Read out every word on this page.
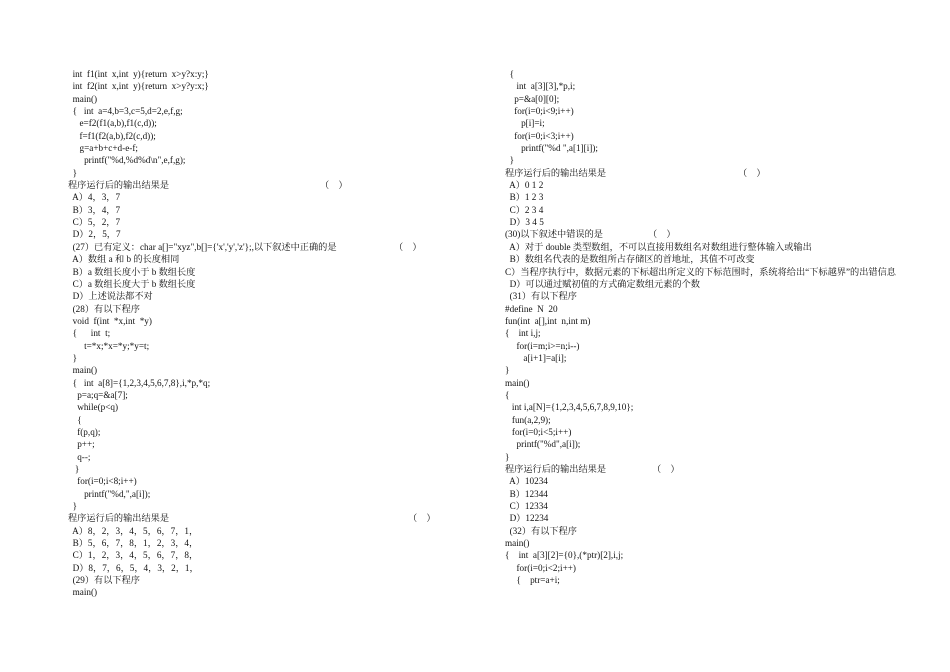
int  f1(int  x,int  y){return  x>y?x:y;}
int  f2(int  x,int  y){return  x>y?y:x;}
main()
{   int  a=4,b=3,c=5,d=2,e,f,g;
e=f2(f1(a,b),f1(c,d));
f=f1(f2(a,b),f2(c,d));
g=a+b+c+d-e-f;
printf("%d,%d%d\n",e,f,g);
}
程序运行后的输出结果是	（    ）
A）4，3，7
B）3，4，7
C）5，2，7
D）2，5，7
(27）已有定义：char a[]="xyz",b[]={'x','y','z'};,以下叙述中正确的是	（    ）
A）数组 a 和 b 的长度相同
B）a 数组长度小于 b 数组长度
C）a 数组长度大于 b 数组长度
D）上述说法都不对
(28）有以下程序
void  f(int  *x,int  *y)
{      int  t;
t=*x;*x=*y;*y=t;
}
main()
{   int  a[8]={1,2,3,4,5,6,7,8},i,*p,*q;
p=a;q=&a[7];
while(p<q)
{
f(p,q);
p++;
q--;
}
for(i=0;i<8;i++)
printf("%d,",a[i]);
}
程序运行后的输出结果是	（    ）
A）8，2，3，4，5，6，7，1，
B）5，6，7，8，1，2，3，4，
C）1，2，3，4，5，6，7，8，
D）8，7，6，5，4，3，2，1，
(29）有以下程序
main()
{
int  a[3][3],*p,i;
p=&a[0][0];
for(i=0;i<9;i++)
p[i]=i;
for(i=0;i<3;i++)
printf("%d ",a[1][i]);
}
程序运行后的输出结果是	（    ）
A）0 1 2
B）1 2 3
C）2 3 4
D）3 4 5
(30)以下叙述中错误的是	（    ）
A）对于 double 类型数组，不可以直接用数组名对数组进行整体输入或输出
B）数组名代表的是数组所占存储区的首地址，其值不可改变
C）当程序执行中，数据元素的下标超出所定义的下标范围时，系统将给出“下标越界”的出错信息
D）可以通过赋初值的方式确定数组元素的个数
(31）有以下程序
#define  N  20
fun(int  a[],int  n,int m)
{    int i,j;
for(i=m;i>=n;i--)
a[i+1]=a[i];
}
main()
{
int i,a[N]={1,2,3,4,5,6,7,8,9,10};
fun(a,2,9);
for(i=0;i<5;i++)
printf("%d",a[i]);
}
程序运行后的输出结果是	（    ）
A）10234
B）12344
C）12334
D）12234
(32）有以下程序
main()
{    int  a[3][2]={0},(*ptr)[2],i,j;
for(i=0;i<2;i++)
{    ptr=a+i;
